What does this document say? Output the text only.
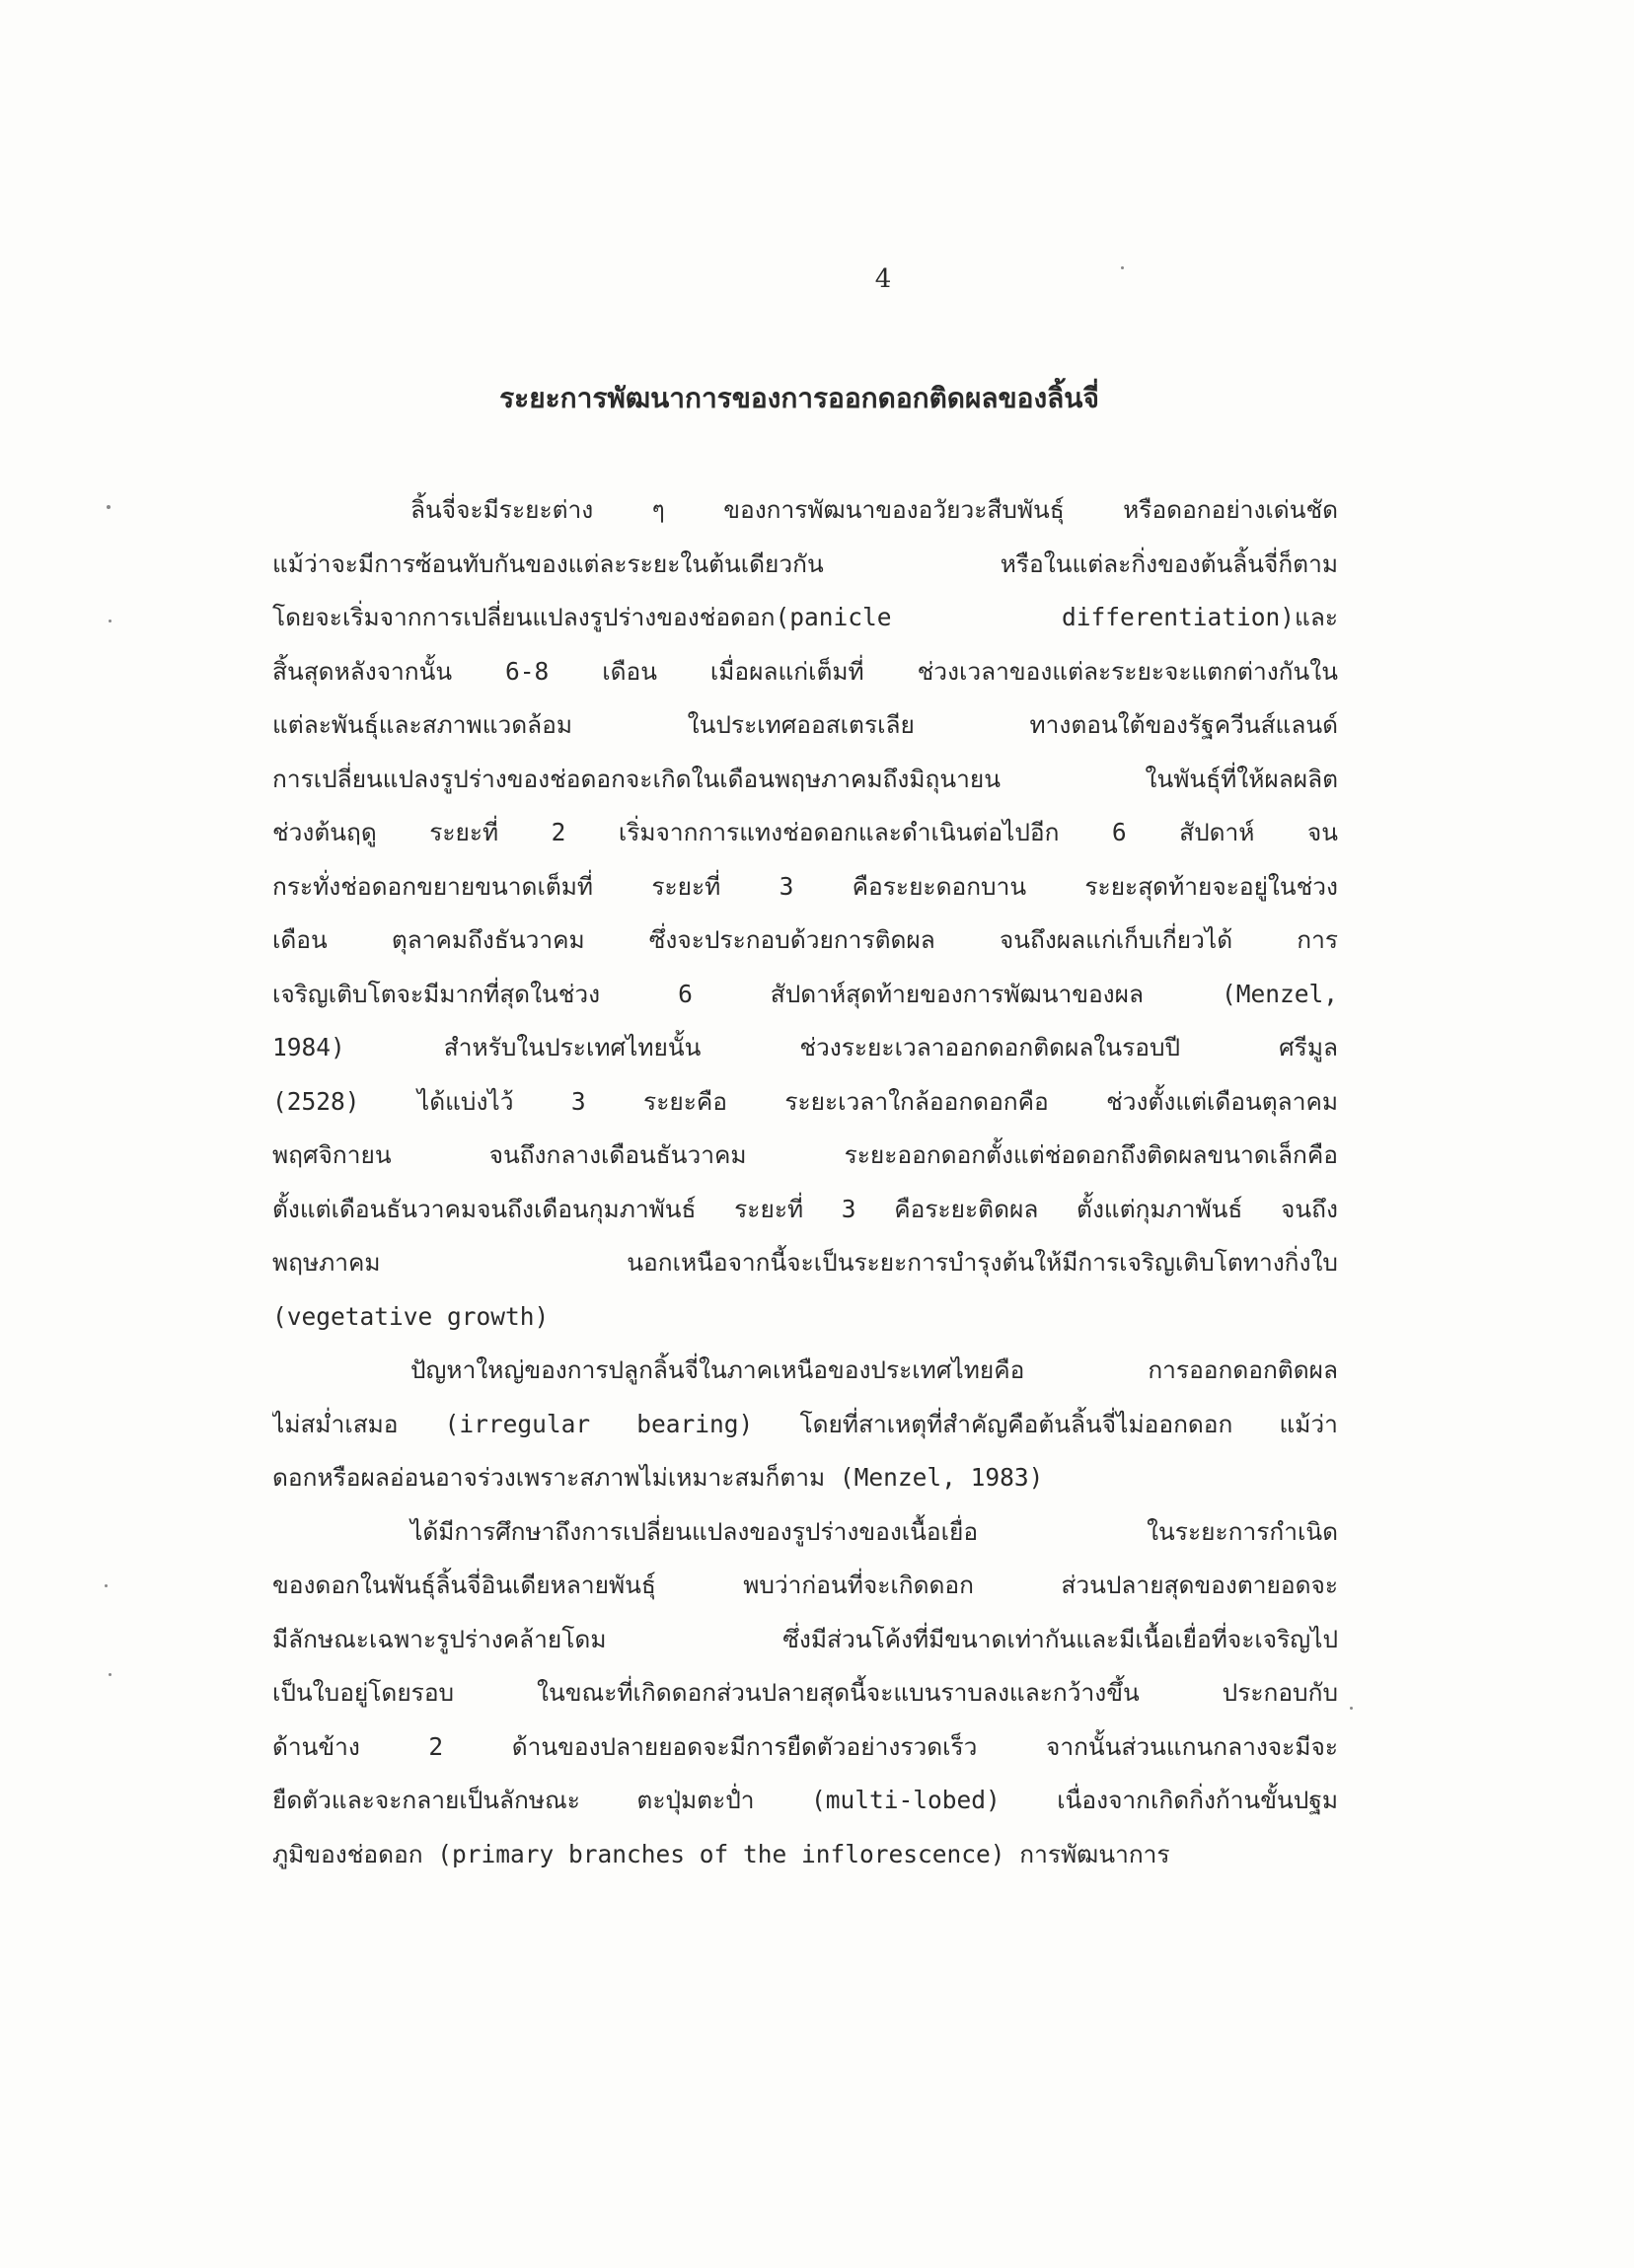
4
ระยะการพัฒนาการของการออกดอกติดผลของลิ้นจี่
ลิ้นจี่จะมีระยะต่าง ๆ ของการพัฒนาของอวัยวะสืบพันธุ์ หรือดอกอย่างเด่นชัด
แม้ว่าจะมีการซ้อนทับกันของแต่ละระยะในต้นเดียวกัน	หรือในแต่ละกิ่งของต้นลิ้นจี่ก็ตาม
โดยจะเริ่มจากการเปลี่ยนแปลงรูปร่างของช่อดอก(panicle	differentiation)และ
สิ้นสุดหลังจากนั้น 6-8 เดือน เมื่อผลแก่เต็มที่ ช่วงเวลาของแต่ละระยะจะแตกต่างกันใน
แต่ละพันธุ์และสภาพแวดล้อม	ในประเทศออสเตรเลีย	ทางตอนใต้ของรัฐควีนส์แลนด์
การเปลี่ยนแปลงรูปร่างของช่อดอกจะเกิดในเดือนพฤษภาคมถึงมิถุนายน	ในพันธุ์ที่ให้ผลผลิต
ช่วงต้นฤดู ระยะที่ 2 เริ่มจากการแทงช่อดอกและดำเนินต่อไปอีก 6 สัปดาห์ จน
กระทั่งช่อดอกขยายขนาดเต็มที่ ระยะที่ 3 คือระยะดอกบาน ระยะสุดท้ายจะอยู่ในช่วง
เดือน	ตุลาคมถึงธันวาคม	ซึ่งจะประกอบด้วยการติดผล	จนถึงผลแก่เก็บเกี่ยวได้	การ
เจริญเติบโตจะมีมากที่สุดในช่วง	6	สัปดาห์สุดท้ายของการพัฒนาของผล	(Menzel,
1984)	สำหรับในประเทศไทยนั้น	ช่วงระยะเวลาออกดอกติดผลในรอบปี	ศรีมูล
(2528) ได้แบ่งไว้ 3 ระยะคือ ระยะเวลาใกล้ออกดอกคือ ช่วงตั้งแต่เดือนตุลาคม
พฤศจิกายน	จนถึงกลางเดือนธันวาคม	ระยะออกดอกตั้งแต่ช่อดอกถึงติดผลขนาดเล็กคือ
ตั้งแต่เดือนธันวาคมจนถึงเดือนกุมภาพันธ์ ระยะที่ 3 คือระยะติดผล ตั้งแต่กุมภาพันธ์ จนถึง
พฤษภาคม	นอกเหนือจากนี้จะเป็นระยะการบำรุงต้นให้มีการเจริญเติบโตทางกิ่งใบ
(vegetative growth)
ปัญหาใหญ่ของการปลูกลิ้นจี่ในภาคเหนือของประเทศไทยคือ	การออกดอกติดผล
ไม่สม่ำเสมอ (irregular bearing) โดยที่สาเหตุที่สำคัญคือต้นลิ้นจี่ไม่ออกดอก แม้ว่า
ดอกหรือผลอ่อนอาจร่วงเพราะสภาพไม่เหมาะสมก็ตาม (Menzel, 1983)
ได้มีการศึกษาถึงการเปลี่ยนแปลงของรูปร่างของเนื้อเยื่อ	ในระยะการกำเนิด
ของดอกในพันธุ์ลิ้นจี่อินเดียหลายพันธุ์	พบว่าก่อนที่จะเกิดดอก	ส่วนปลายสุดของตายอดจะ
มีลักษณะเฉพาะรูปร่างคล้ายโดม	ซึ่งมีส่วนโค้งที่มีขนาดเท่ากันและมีเนื้อเยื่อที่จะเจริญไป
เป็นใบอยู่โดยรอบ	ในขณะที่เกิดดอกส่วนปลายสุดนี้จะแบนราบลงและกว้างขึ้น	ประกอบกับ
ด้านข้าง	2	ด้านของปลายยอดจะมีการยืดตัวอย่างรวดเร็ว	จากนั้นส่วนแกนกลางจะมีจะ
ยืดตัวและจะกลายเป็นลักษณะ ตะปุ่มตะป่ำ (multi-lobed) เนื่องจากเกิดกิ่งก้านขั้นปฐม
ภูมิของช่อดอก (primary branches of the inflorescence) การพัฒนาการ
